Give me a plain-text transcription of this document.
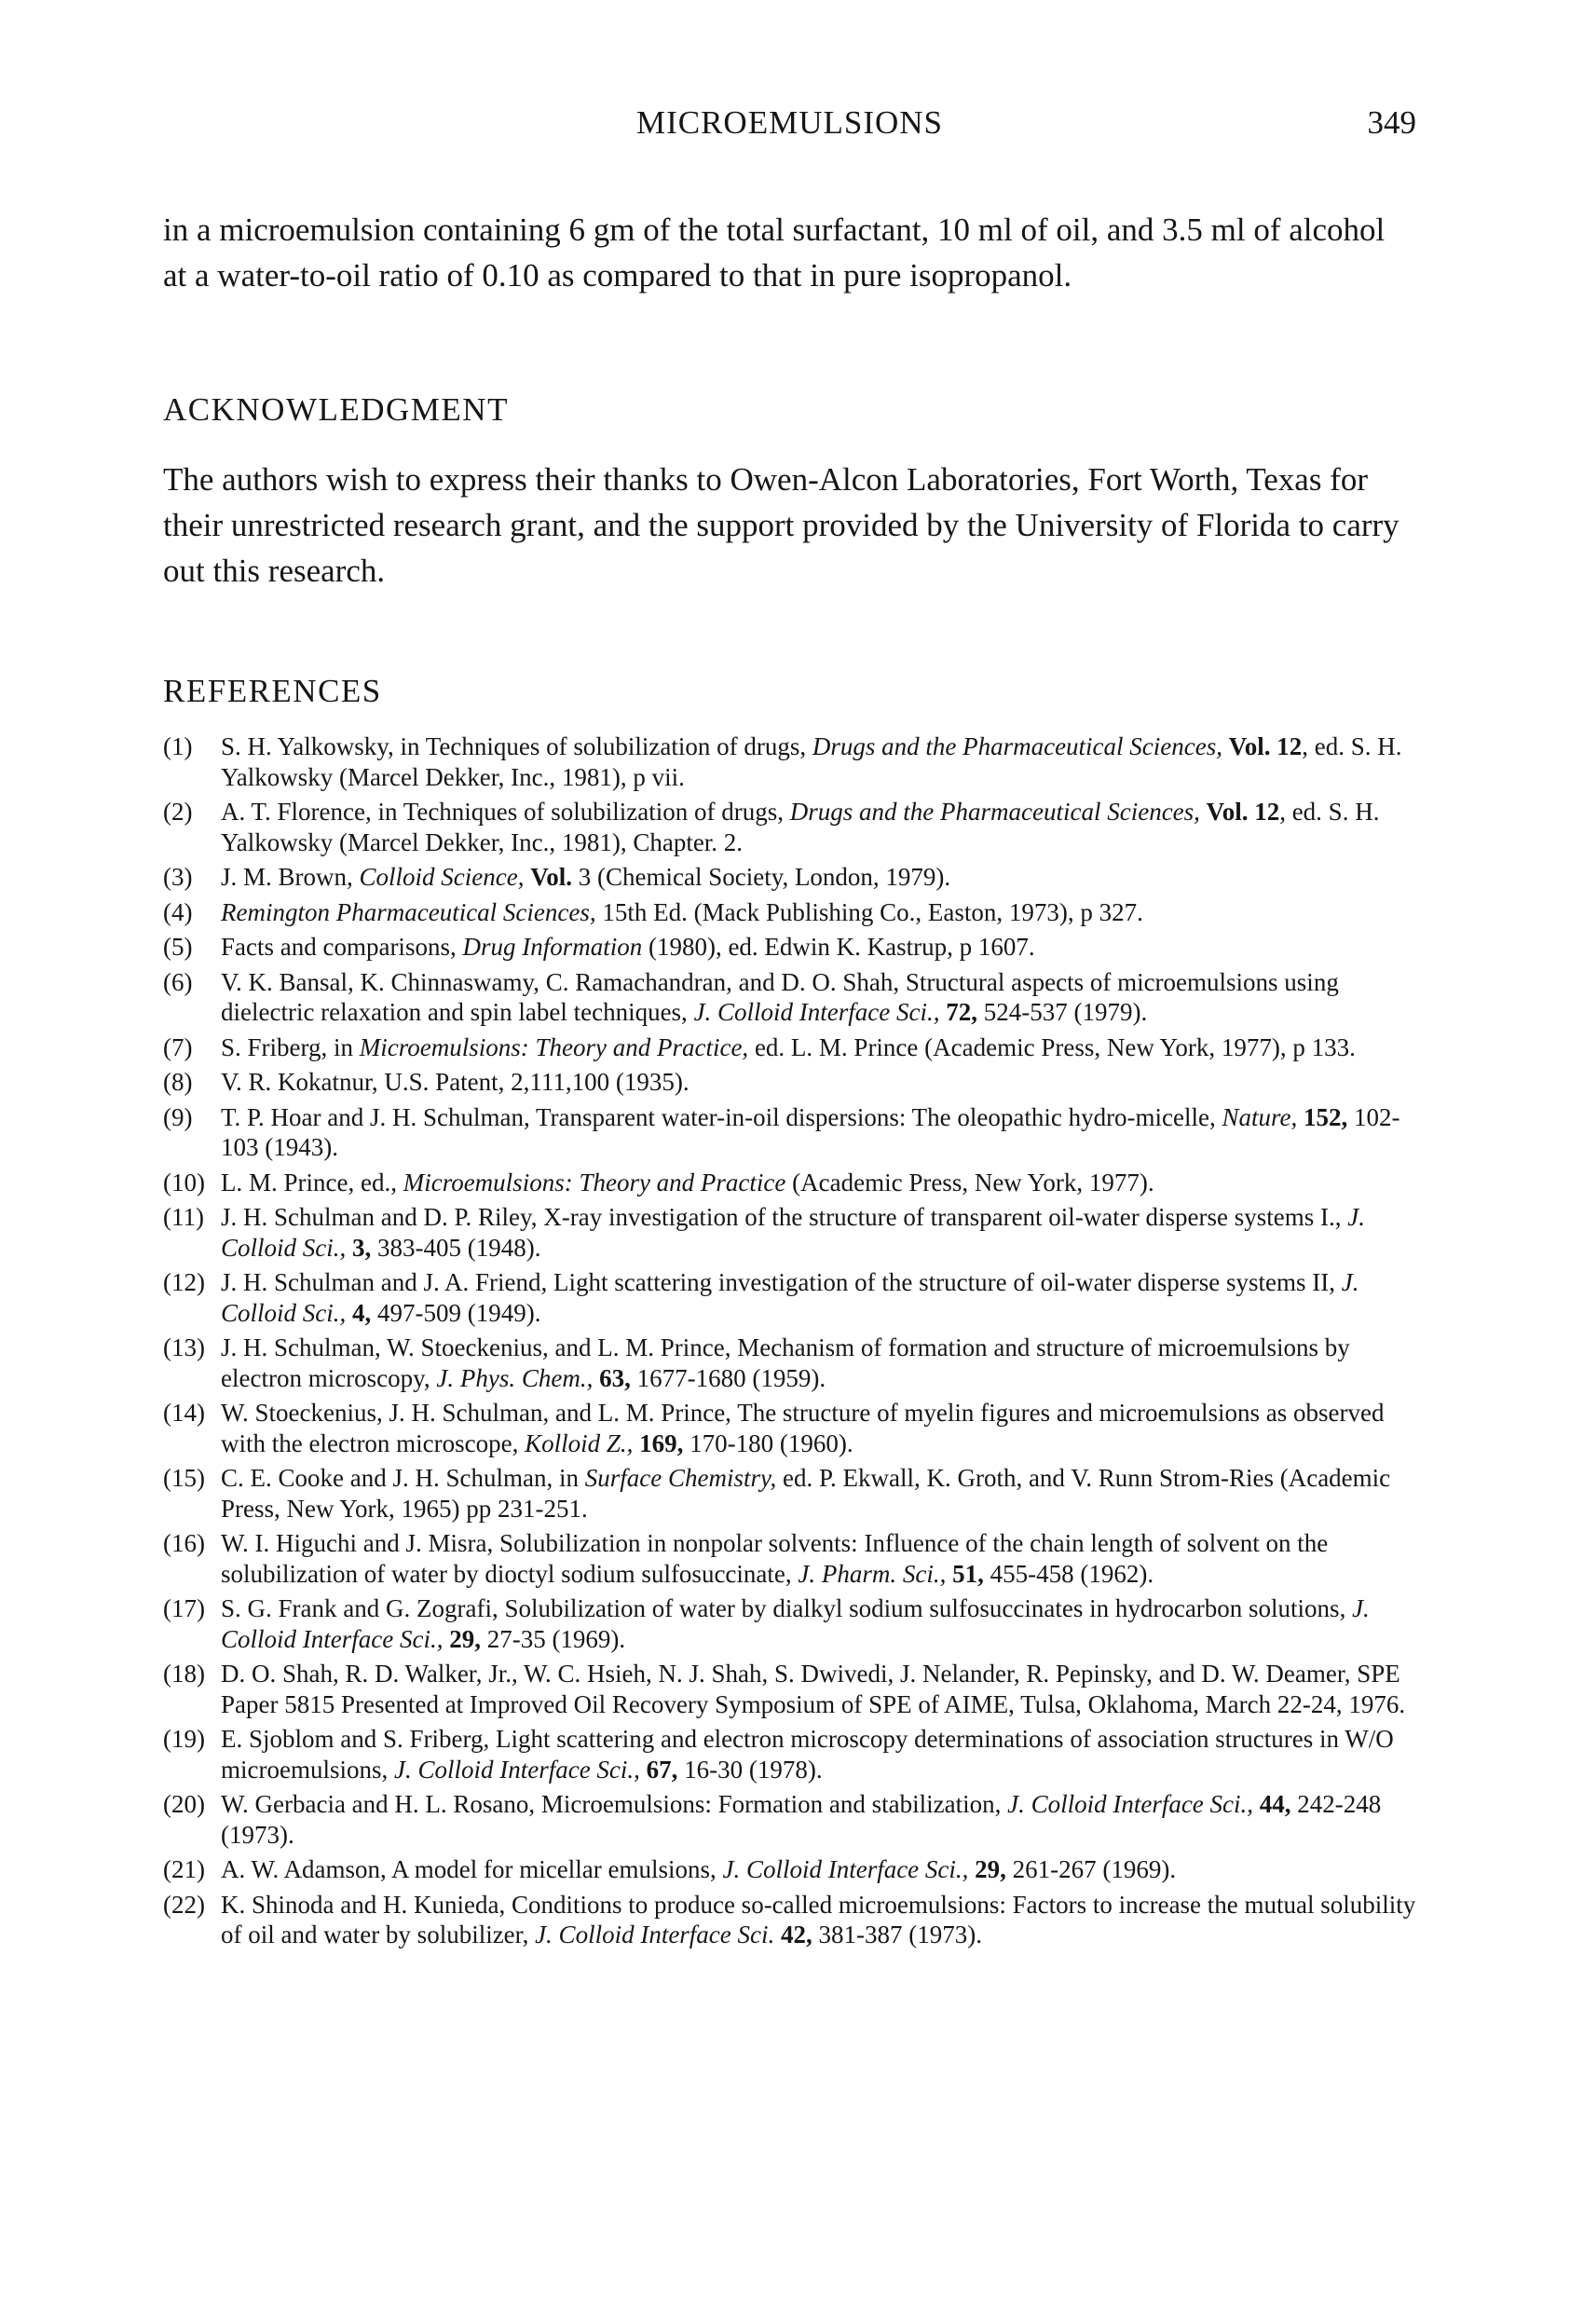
MICROEMULSIONS	349

in a microemulsion containing 6 gm of the total surfactant, 10 ml of oil, and 3.5 ml of alcohol at a water-to-oil ratio of 0.10 as compared to that in pure isopropanol.

ACKNOWLEDGMENT

The authors wish to express their thanks to Owen-Alcon Laboratories, Fort Worth, Texas for their unrestricted research grant, and the support provided by the University of Florida to carry out this research.

REFERENCES
(1) S. H. Yalkowsky, in Techniques of solubilization of drugs, Drugs and the Pharmaceutical Sciences, Vol. 12, ed. S. H. Yalkowsky (Marcel Dekker, Inc., 1981), p vii.
(2) A. T. Florence, in Techniques of solubilization of drugs, Drugs and the Pharmaceutical Sciences, Vol. 12, ed. S. H. Yalkowsky (Marcel Dekker, Inc., 1981), Chapter. 2.
(3) J. M. Brown, Colloid Science, Vol. 3 (Chemical Society, London, 1979).
(4) Remington Pharmaceutical Sciences, 15th Ed. (Mack Publishing Co., Easton, 1973), p 327.
(5) Facts and comparisons, Drug Information (1980), ed. Edwin K. Kastrup, p 1607.
(6) V. K. Bansal, K. Chinnaswamy, C. Ramachandran, and D. O. Shah, Structural aspects of microemulsions using dielectric relaxation and spin label techniques, J. Colloid Interface Sci., 72, 524-537 (1979).
(7) S. Friberg, in Microemulsions: Theory and Practice, ed. L. M. Prince (Academic Press, New York, 1977), p 133.
(8) V. R. Kokatnur, U.S. Patent, 2,111,100 (1935).
(9) T. P. Hoar and J. H. Schulman, Transparent water-in-oil dispersions: The oleopathic hydro-micelle, Nature, 152, 102-103 (1943).
(10) L. M. Prince, ed., Microemulsions: Theory and Practice (Academic Press, New York, 1977).
(11) J. H. Schulman and D. P. Riley, X-ray investigation of the structure of transparent oil-water disperse systems I., J. Colloid Sci., 3, 383-405 (1948).
(12) J. H. Schulman and J. A. Friend, Light scattering investigation of the structure of oil-water disperse systems II, J. Colloid Sci., 4, 497-509 (1949).
(13) J. H. Schulman, W. Stoeckenius, and L. M. Prince, Mechanism of formation and structure of microemulsions by electron microscopy, J. Phys. Chem., 63, 1677-1680 (1959).
(14) W. Stoeckenius, J. H. Schulman, and L. M. Prince, The structure of myelin figures and microemulsions as observed with the electron microscope, Kolloid Z., 169, 170-180 (1960).
(15) C. E. Cooke and J. H. Schulman, in Surface Chemistry, ed. P. Ekwall, K. Groth, and V. Runn Strom-Ries (Academic Press, New York, 1965) pp 231-251.
(16) W. I. Higuchi and J. Misra, Solubilization in nonpolar solvents: Influence of the chain length of solvent on the solubilization of water by dioctyl sodium sulfosuccinate, J. Pharm. Sci., 51, 455-458 (1962).
(17) S. G. Frank and G. Zografi, Solubilization of water by dialkyl sodium sulfosuccinates in hydrocarbon solutions, J. Colloid Interface Sci., 29, 27-35 (1969).
(18) D. O. Shah, R. D. Walker, Jr., W. C. Hsieh, N. J. Shah, S. Dwivedi, J. Nelander, R. Pepinsky, and D. W. Deamer, SPE Paper 5815 Presented at Improved Oil Recovery Symposium of SPE of AIME, Tulsa, Oklahoma, March 22-24, 1976.
(19) E. Sjoblom and S. Friberg, Light scattering and electron microscopy determinations of association structures in W/O microemulsions, J. Colloid Interface Sci., 67, 16-30 (1978).
(20) W. Gerbacia and H. L. Rosano, Microemulsions: Formation and stabilization, J. Colloid Interface Sci., 44, 242-248 (1973).
(21) A. W. Adamson, A model for micellar emulsions, J. Colloid Interface Sci., 29, 261-267 (1969).
(22) K. Shinoda and H. Kunieda, Conditions to produce so-called microemulsions: Factors to increase the mutual solubility of oil and water by solubilizer, J. Colloid Interface Sci. 42, 381-387 (1973).
